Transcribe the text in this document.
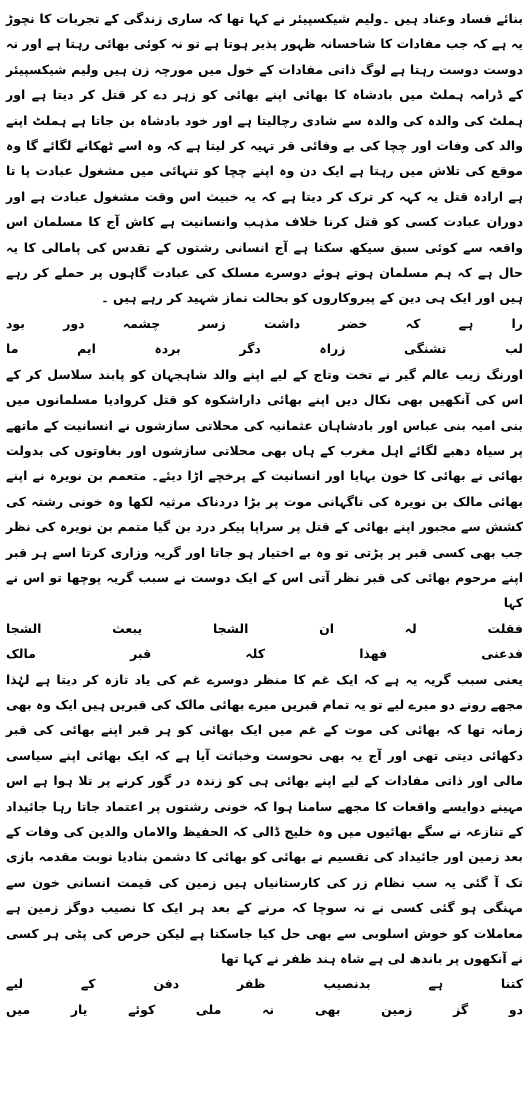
بنائے فساد وعناد ہیں ۔ولیم شیکسپیئر نے کہا تھا کہ ساری زندگی کے تجربات کا نچوڑ یہ ہے کہ جب مفادات کا شاخسانہ ظہور پذیر ہوتا ہے تو نہ کوئی بھائی رہتا ہے اور نہ دوست دوست رہتا ہے لوگ ذاتی مفادات کے خول میں مورچہ زن ہیں ولیم شیکسپیئر کے ڈرامہ ہملٹ میں بادشاہ کا بھائی اپنے بھائی کو زہر دے کر قتل کر دیتا ہے اور ہملٹ کی والدہ کی والدہ سے شادی رچالیتا ہے اور خود بادشاہ بن جاتا ہے ہملٹ اپنے والد کی وفات اور چچا کی بے وفائی قر تہیہ کر لیتا ہے کہ وہ اسے ٹھکانے لگائے گا وہ موقع کی تلاش میں رہتا ہے ایک دن وہ اپنے چچا کو تنہائی میں مشغول عبادت پا تا ہے ارادہ قتل یہ کہہ کر ترک کر دیتا ہے کہ یہ خبیث اس وقت مشغول عبادت ہے اور دوران عبادت کسی کو قتل کرنا خلاف مذہب وانسانیت ہے کاش آج کا مسلمان اس واقعہ سے کوئی سبق سیکھ سکتا ہے آج انسانی رشتوں کے تقدس کی پامالی کا یہ حال ہے کہ ہم مسلمان ہوتے ہوئے دوسرے مسلک کی عبادت گاہوں پر حملے کر رہے ہیں اور ایک ہی دین کے پیروکاروں کو بحالت نماز شہید کر رہے ہیں ۔

را
ہے
کہ
خضر
داشت
زسر
چشمہ
دور
بود
لب
تشنگی
زراہ
دگر
بردہ
ایم
ما

اورنگ زیب عالم گیر نے تخت وتاج کے لیے اپنے والد شاہجہان کو پابند سلاسل کر کے اس کی آنکھیں بھی نکال دیں اپنے بھائی داراشکوہ کو قتل کروادیا مسلمانوں میں بنی امیہ بنی عباس اور بادشاہان عثمانیہ کی محلاتی سازشوں نے انسانیت کے ماتھے پر سیاہ دھبے لگائے اہل مغرب کے ہاں بھی محلاتی سازشوں اور بغاوتوں کی بدولت بھائی نے بھائی کا خون بہایا اور انسانیت کے پرخچے اڑا دیئے۔ متعمم بن نویرہ نے اپنے بھائی مالک بن نویرہ کی ناگہانی موت پر بڑا دردناک مرثیہ لکھا وہ خونی رشتہ کی کشش سے مجبور اپنے بھائی کے قتل پر سراپا پیکر درد بن گیا متمم بن نویرہ کی نظر جب بھی کسی قبر پر پڑتی تو وہ بے اختیار ہو جاتا اور گریہ وزاری کرتا اسے ہر قبر اپنے مرحوم بھائی کی قبر نظر آتی اس کے ایک دوست نے سبب گریہ پوچھا تو اس نے کہا

فقلت
لہ
ان
الشجا
یبعث
الشجا
فدعنی
فھذا
کلہ
قبر
مالک

یعنی سبب گریہ یہ ہے کہ ایک غم کا منظر دوسرے غم کی یاد تازہ کر دیتا ہے لہٰذا مجھے رونے دو میرے لیے تو یہ تمام قبریں میرے بھائی مالک کی قبریں ہیں ایک وہ بھی زمانہ تھا کہ بھائی کی موت کے غم میں ایک بھائی کو ہر قبر اپنے بھائی کی قبر دکھائی دیتی تھی اور آج یہ بھی نحوست وخباثت آیا ہے کہ ایک بھائی اپنے سیاسی مالی اور ذاتی مفادات کے لیے اپنے بھائی ہی کو زندہ در گور کرنے پر تلا ہوا ہے اس مہینے دوایسے واقعات کا مجھے سامنا ہوا کہ خونی رشتوں پر اعتماد جاتا رہا جائیداد کے تنازعہ نے سگے بھائیوں میں وہ خلیج ڈالی کہ الحفیظ والاماں والدین کی وفات کے بعد زمین اور جائیداد کی تقسیم نے بھائی کو بھائی کا دشمن بنادیا نوبت مقدمہ بازی تک آ گئی یہ سب نظام زر کی کارستانیاں ہیں زمین کی قیمت انسانی خون سے مہنگی ہو گئی کسی نے نہ سوچا کہ مرنے کے بعد ہر ایک کا نصیب دوگز زمین ہے معاملات کو خوش اسلوبی سے بھی حل کیا جاسکتا ہے لیکن حرص کی پٹی ہر کسی نے آنکھوں پر باندھ لی ہے شاہ ہند ظفر نے کہا تھا

کتنا
ہے
بدنصیب
ظفر
دفن
کے
لیے
دو
گز
زمین
بھی
نہ
ملی
کوئے
یار
میں
